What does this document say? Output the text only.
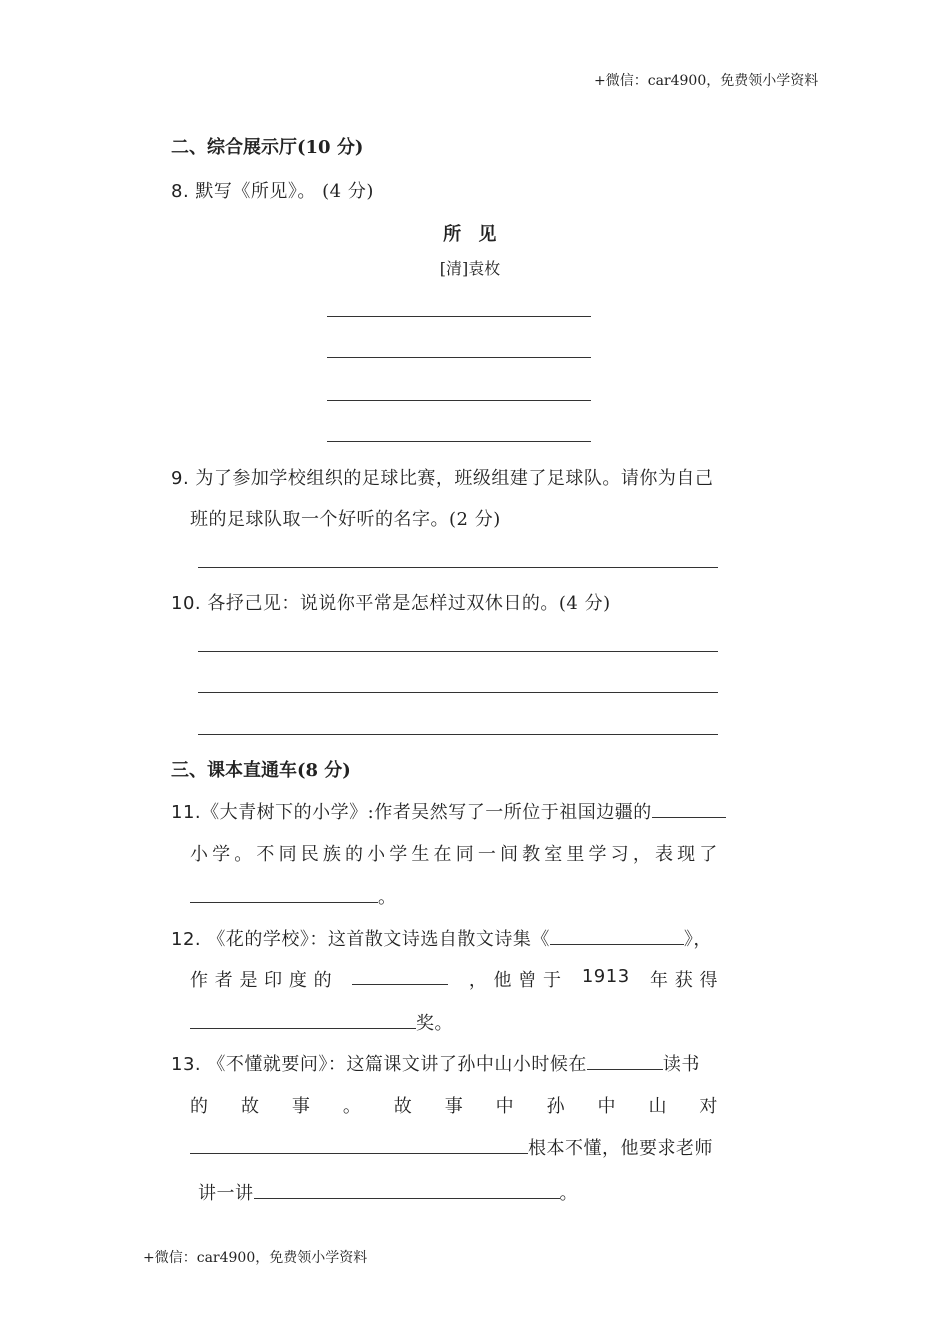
+微信：car4900，免费领小学资料
+微信：car4900，免费领小学资料
二、综合展示厅(10 分)
8. 默写《所见》。 (4 分)
所 见
[清]袁枚
9. 为了参加学校组织的足球比赛，班级组建了足球队。请你为自己
班的足球队取一个好听的名字。(2 分)
10. 各抒己见：说说你平常是怎样过双休日的。(4 分)
三、课本直通车(8 分)
11.《大青树下的小学》:作者吴然写了一所位于祖国边疆的
小 学 。 不 同 民 族 的 小 学 生 在 同 一 间 教 室 里 学 习 ， 表 现 了
。
12. 《花的学校》：这首散文诗选自散文诗集《	》，
作 者 是 印 度 的	， 他 曾 于 1913 年 获 得
奖。
13. 《不懂就要问》：这篇课文讲了孙中山小时候在	读书
的 故 事 。 故 事 中 孙 中 山 对
根本不懂，他要求老师
讲一讲	。
